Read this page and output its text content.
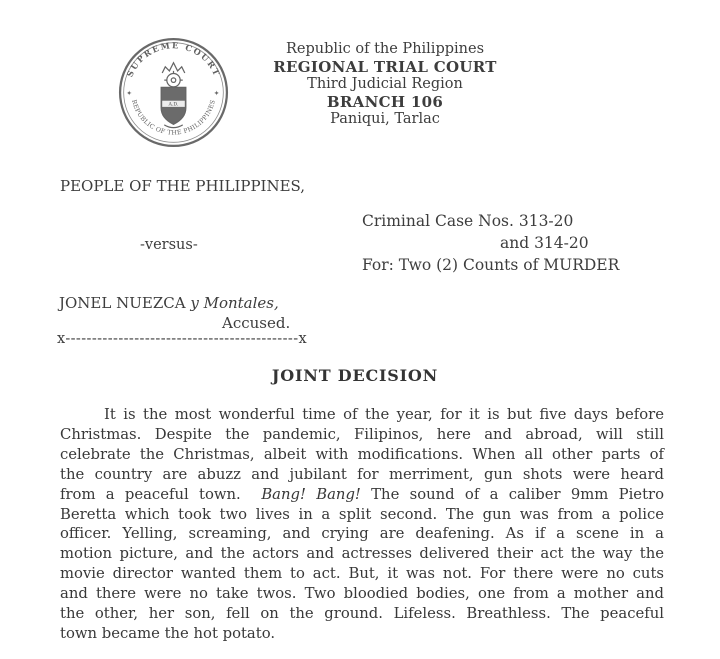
SUPREME COURT
REPUBLIC OF THE PHILIPPINES
✦	✦
A.D.
Republic of the Philippines
REGIONAL TRIAL COURT
Third Judicial Region
BRANCH 106
Paniqui, Tarlac
PEOPLE OF THE PHILIPPINES,
-versus-
Criminal Case Nos. 313-20
and 314-20
For: Two (2) Counts of MURDER
JONEL NUEZCA y Montales,
Accused.
x--------------------------------------------x
JOINT DECISION
It is the most wonderful time of the year, for it is but five days before
Christmas. Despite the pandemic, Filipinos, here and abroad, will still
celebrate the Christmas, albeit with modifications. When all other parts of
the country are abuzz and jubilant for merriment, gun shots were heard
from a peaceful town.  Bang! Bang! The sound of a caliber 9mm Pietro
Beretta which took two lives in a split second. The gun was from a police
officer. Yelling, screaming, and crying are deafening. As if a scene in a
motion picture, and the actors and actresses delivered their act the way the
movie director wanted them to act. But, it was not. For there were no cuts
and there were no take twos. Two bloodied bodies, one from a mother and
the other, her son, fell on the ground. Lifeless. Breathless. The peaceful
town became the hot potato.
